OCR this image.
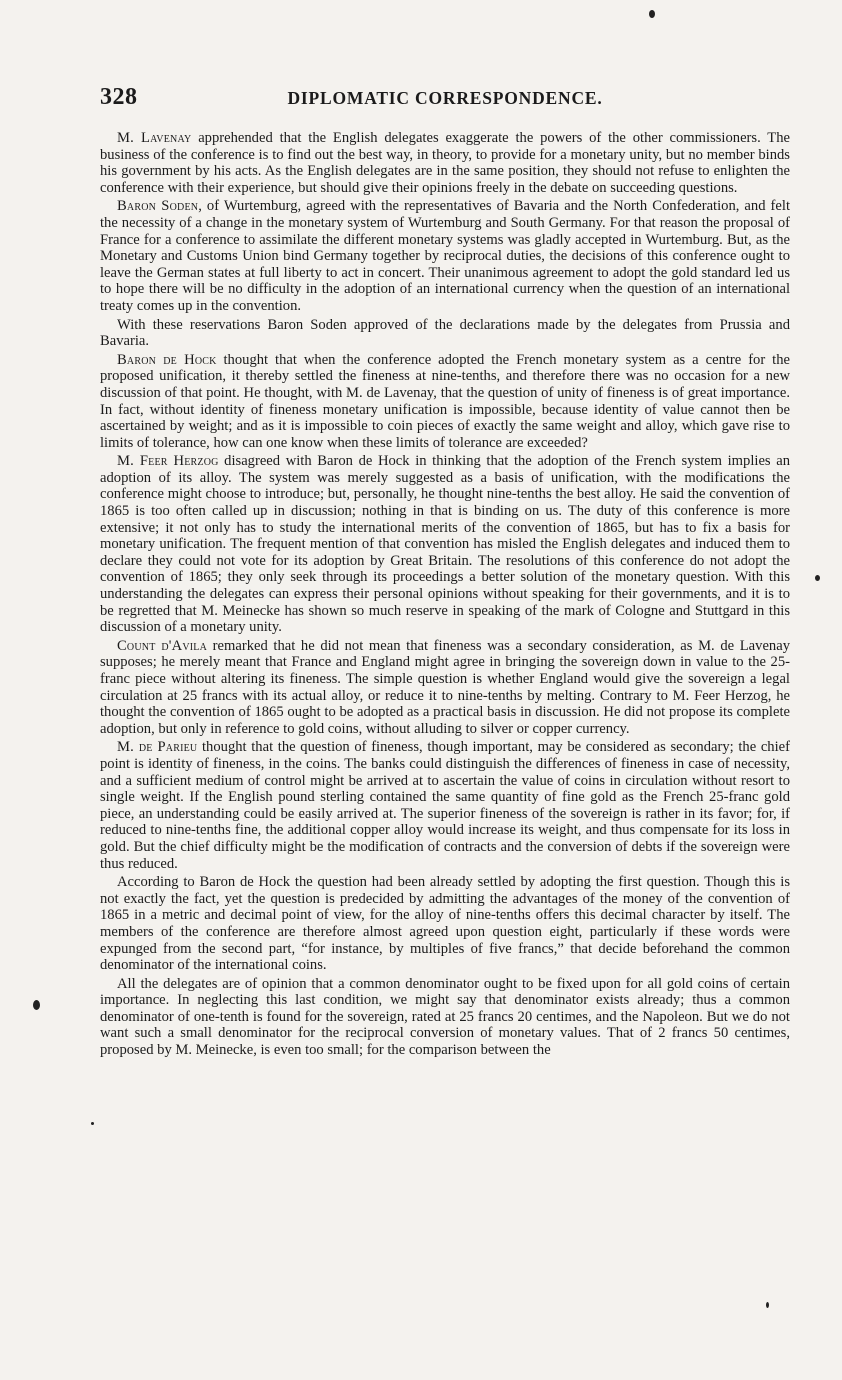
328	DIPLOMATIC CORRESPONDENCE.

M. Lavenay apprehended that the English delegates exaggerate the powers of the other commissioners. The business of the conference is to find out the best way, in theory, to provide for a monetary unity, but no member binds his government by his acts. As the English delegates are in the same position, they should not refuse to enlighten the conference with their experience, but should give their opinions freely in the debate on succeeding questions.

Baron Soden, of Wurtemburg, agreed with the representatives of Bavaria and the North Confederation, and felt the necessity of a change in the monetary system of Wurtemburg and South Germany. For that reason the proposal of France for a conference to assimilate the different monetary systems was gladly accepted in Wurtemburg. But, as the Monetary and Customs Union bind Germany together by reciprocal duties, the decisions of this conference ought to leave the German states at full liberty to act in concert. Their unanimous agreement to adopt the gold standard led us to hope there will be no difficulty in the adoption of an international currency when the question of an international treaty comes up in the convention.

With these reservations Baron Soden approved of the declarations made by the delegates from Prussia and Bavaria.

Baron de Hock thought that when the conference adopted the French monetary system as a centre for the proposed unification, it thereby settled the fineness at nine-tenths, and therefore there was no occasion for a new discussion of that point. He thought, with M. de Lavenay, that the question of unity of fineness is of great importance. In fact, without identity of fineness monetary unification is impossible, because identity of value cannot then be ascertained by weight; and as it is impossible to coin pieces of exactly the same weight and alloy, which gave rise to limits of tolerance, how can one know when these limits of tolerance are exceeded?

M. Feer Herzog disagreed with Baron de Hock in thinking that the adoption of the French system implies an adoption of its alloy. The system was merely suggested as a basis of unification, with the modifications the conference might choose to introduce; but, personally, he thought nine-tenths the best alloy. He said the convention of 1865 is too often called up in discussion; nothing in that is binding on us. The duty of this conference is more extensive; it not only has to study the international merits of the convention of 1865, but has to fix a basis for monetary unification. The frequent mention of that convention has misled the English delegates and induced them to declare they could not vote for its adoption by Great Britain. The resolutions of this conference do not adopt the convention of 1865; they only seek through its proceedings a better solution of the monetary question. With this understanding the delegates can express their personal opinions without speaking for their governments, and it is to be regretted that M. Meinecke has shown so much reserve in speaking of the mark of Cologne and Stuttgard in this discussion of a monetary unity.

Count d'Avila remarked that he did not mean that fineness was a secondary consideration, as M. de Lavenay supposes; he merely meant that France and England might agree in bringing the sovereign down in value to the 25-franc piece without altering its fineness. The simple question is whether England would give the sovereign a legal circulation at 25 francs with its actual alloy, or reduce it to nine-tenths by melting. Contrary to M. Feer Herzog, he thought the convention of 1865 ought to be adopted as a practical basis in discussion. He did not propose its complete adoption, but only in reference to gold coins, without alluding to silver or copper currency.

M. de Parieu thought that the question of fineness, though important, may be considered as secondary; the chief point is identity of fineness, in the coins. The banks could distinguish the differences of fineness in case of necessity, and a sufficient medium of control might be arrived at to ascertain the value of coins in circulation without resort to single weight. If the English pound sterling contained the same quantity of fine gold as the French 25-franc gold piece, an understanding could be easily arrived at. The superior fineness of the sovereign is rather in its favor; for, if reduced to nine-tenths fine, the additional copper alloy would increase its weight, and thus compensate for its loss in gold. But the chief difficulty might be the modification of contracts and the conversion of debts if the sovereign were thus reduced.

According to Baron de Hock the question had been already settled by adopting the first question. Though this is not exactly the fact, yet the question is predecided by admitting the advantages of the money of the convention of 1865 in a metric and decimal point of view, for the alloy of nine-tenths offers this decimal character by itself. The members of the conference are therefore almost agreed upon question eight, particularly if these words were expunged from the second part, “for instance, by multiples of five francs,” that decide beforehand the common denominator of the international coins.

All the delegates are of opinion that a common denominator ought to be fixed upon for all gold coins of certain importance. In neglecting this last condition, we might say that denominator exists already; thus a common denominator of one-tenth is found for the sovereign, rated at 25 francs 20 centimes, and the Napoleon. But we do not want such a small denominator for the reciprocal conversion of monetary values. That of 2 francs 50 centimes, proposed by M. Meinecke, is even too small; for the comparison between the
